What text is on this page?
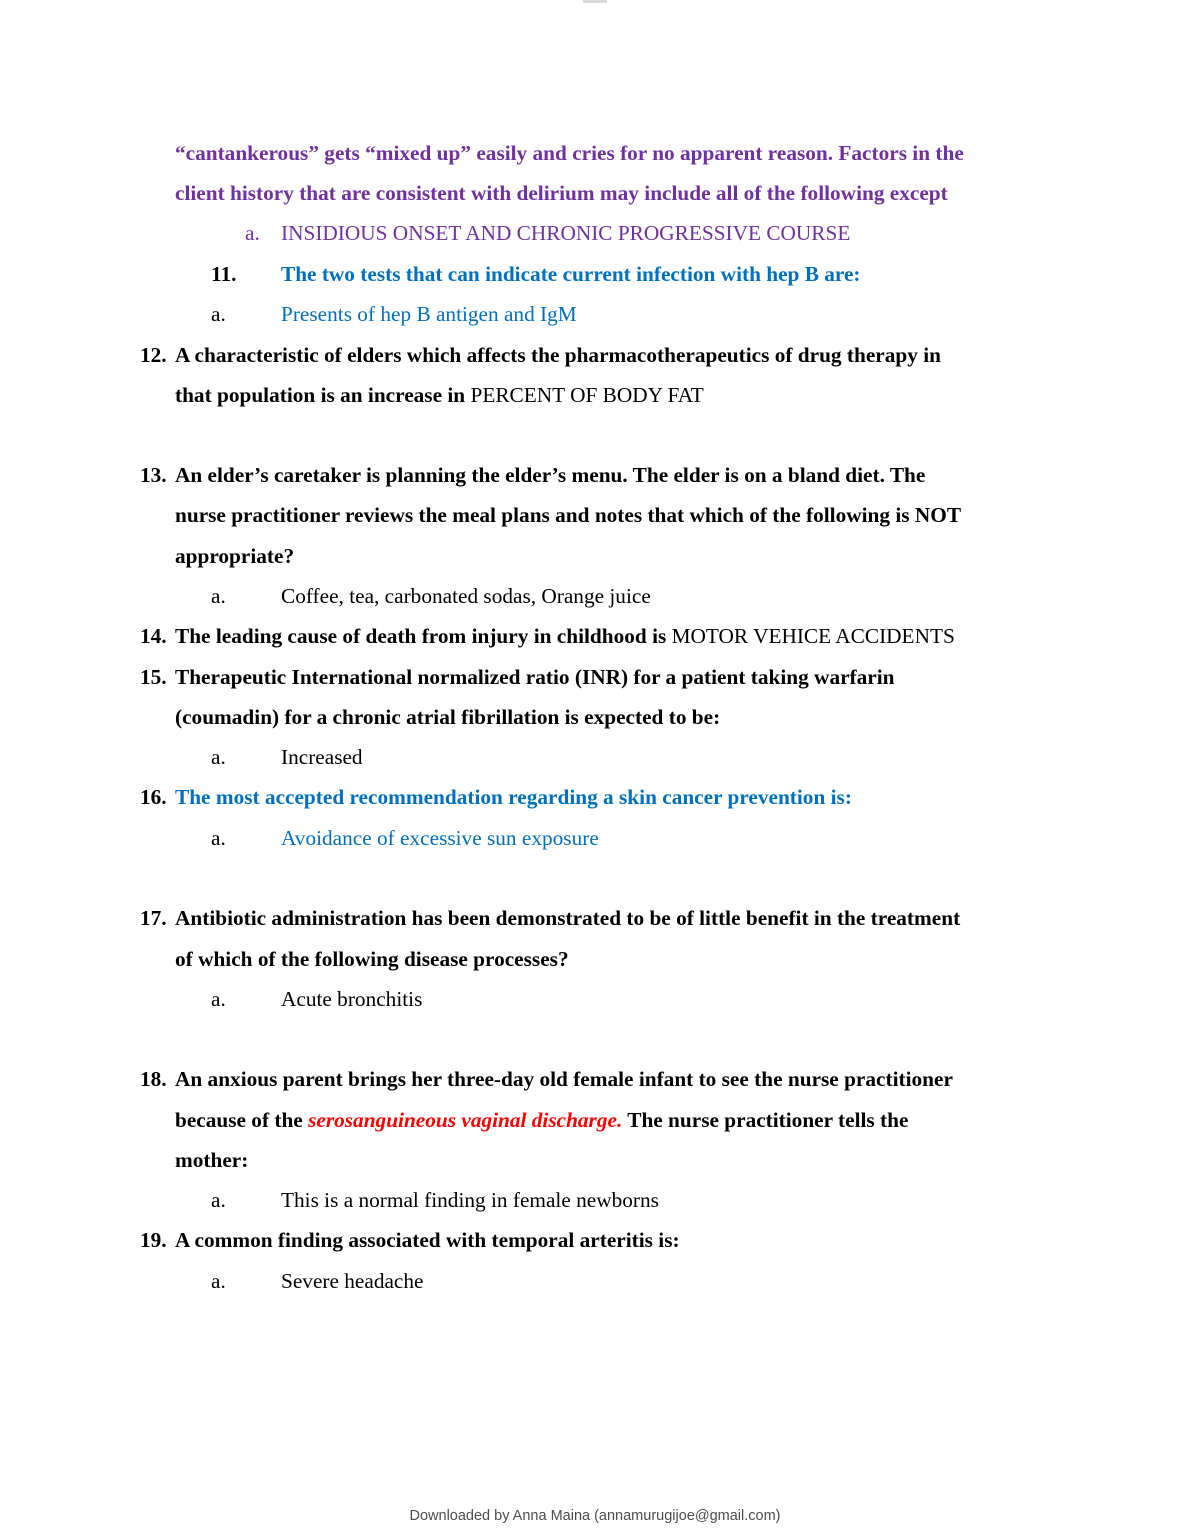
“cantankerous” gets “mixed up” easily and cries for no apparent reason. Factors in the
client history that are consistent with delirium may include all of the following except
a. INSIDIOUS ONSET AND CHRONIC PROGRESSIVE COURSE
11. The two tests that can indicate current infection with hep B are:
a.	Presents of hep B antigen and IgM
12. A characteristic of elders which affects the pharmacotherapeutics of drug therapy in
that population is an increase in PERCENT OF BODY FAT
13. An elder’s caretaker is planning the elder’s menu. The elder is on a bland diet. The
nurse practitioner reviews the meal plans and notes that which of the following is NOT
appropriate?
a.	Coffee, tea, carbonated sodas, Orange juice
14. The leading cause of death from injury in childhood is MOTOR VEHICE ACCIDENTS
15. Therapeutic International normalized ratio (INR) for a patient taking warfarin
(coumadin) for a chronic atrial fibrillation is expected to be:
a.	Increased
16. The most accepted recommendation regarding a skin cancer prevention is:
a.	Avoidance of excessive sun exposure
17. Antibiotic administration has been demonstrated to be of little benefit in the treatment
of which of the following disease processes?
a.	Acute bronchitis
18. An anxious parent brings her three-day old female infant to see the nurse practitioner
because of the serosanguineous vaginal discharge. The nurse practitioner tells the
mother:
a.	This is a normal finding in female newborns
19. A common finding associated with temporal arteritis is:
a.	Severe headache
Downloaded by Anna Maina (annamurugijoe@gmail.com)
